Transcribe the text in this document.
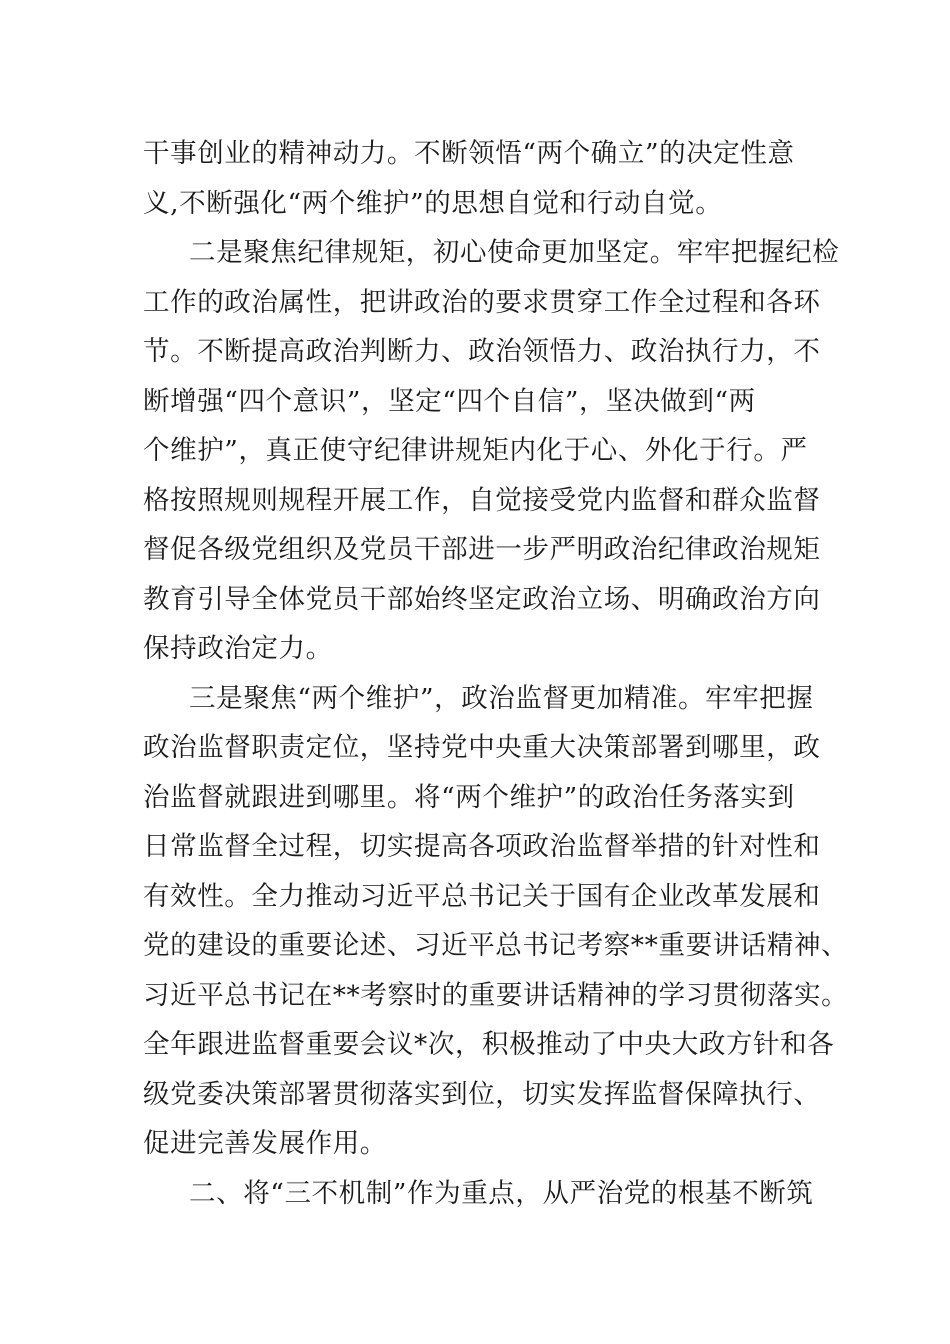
干事创业的精神动力。不断领悟“两个确立”的决定性意
义,不断强化“两个维护”的思想自觉和行动自觉。
二是聚焦纪律规矩，初心使命更加坚定。牢牢把握纪检
工作的政治属性，把讲政治的要求贯穿工作全过程和各环
节。不断提高政治判断力、政治领悟力、政治执行力，不
断增强“四个意识”，坚定“四个自信”，坚决做到“两
个维护”，真正使守纪律讲规矩内化于心、外化于行。严
格按照规则规程开展工作，自觉接受党内监督和群众监督
督促各级党组织及党员干部进一步严明政治纪律政治规矩
教育引导全体党员干部始终坚定政治立场、明确政治方向
保持政治定力。
三是聚焦“两个维护”，政治监督更加精准。牢牢把握
政治监督职责定位，坚持党中央重大决策部署到哪里，政
治监督就跟进到哪里。将“两个维护”的政治任务落实到
日常监督全过程，切实提高各项政治监督举措的针对性和
有效性。全力推动习近平总书记关于国有企业改革发展和
党的建设的重要论述、习近平总书记考察**重要讲话精神、
习近平总书记在**考察时的重要讲话精神的学习贯彻落实。
全年跟进监督重要会议*次，积极推动了中央大政方针和各
级党委决策部署贯彻落实到位，切实发挥监督保障执行、
促进完善发展作用。
二、将“三不机制”作为重点，从严治党的根基不断筑
